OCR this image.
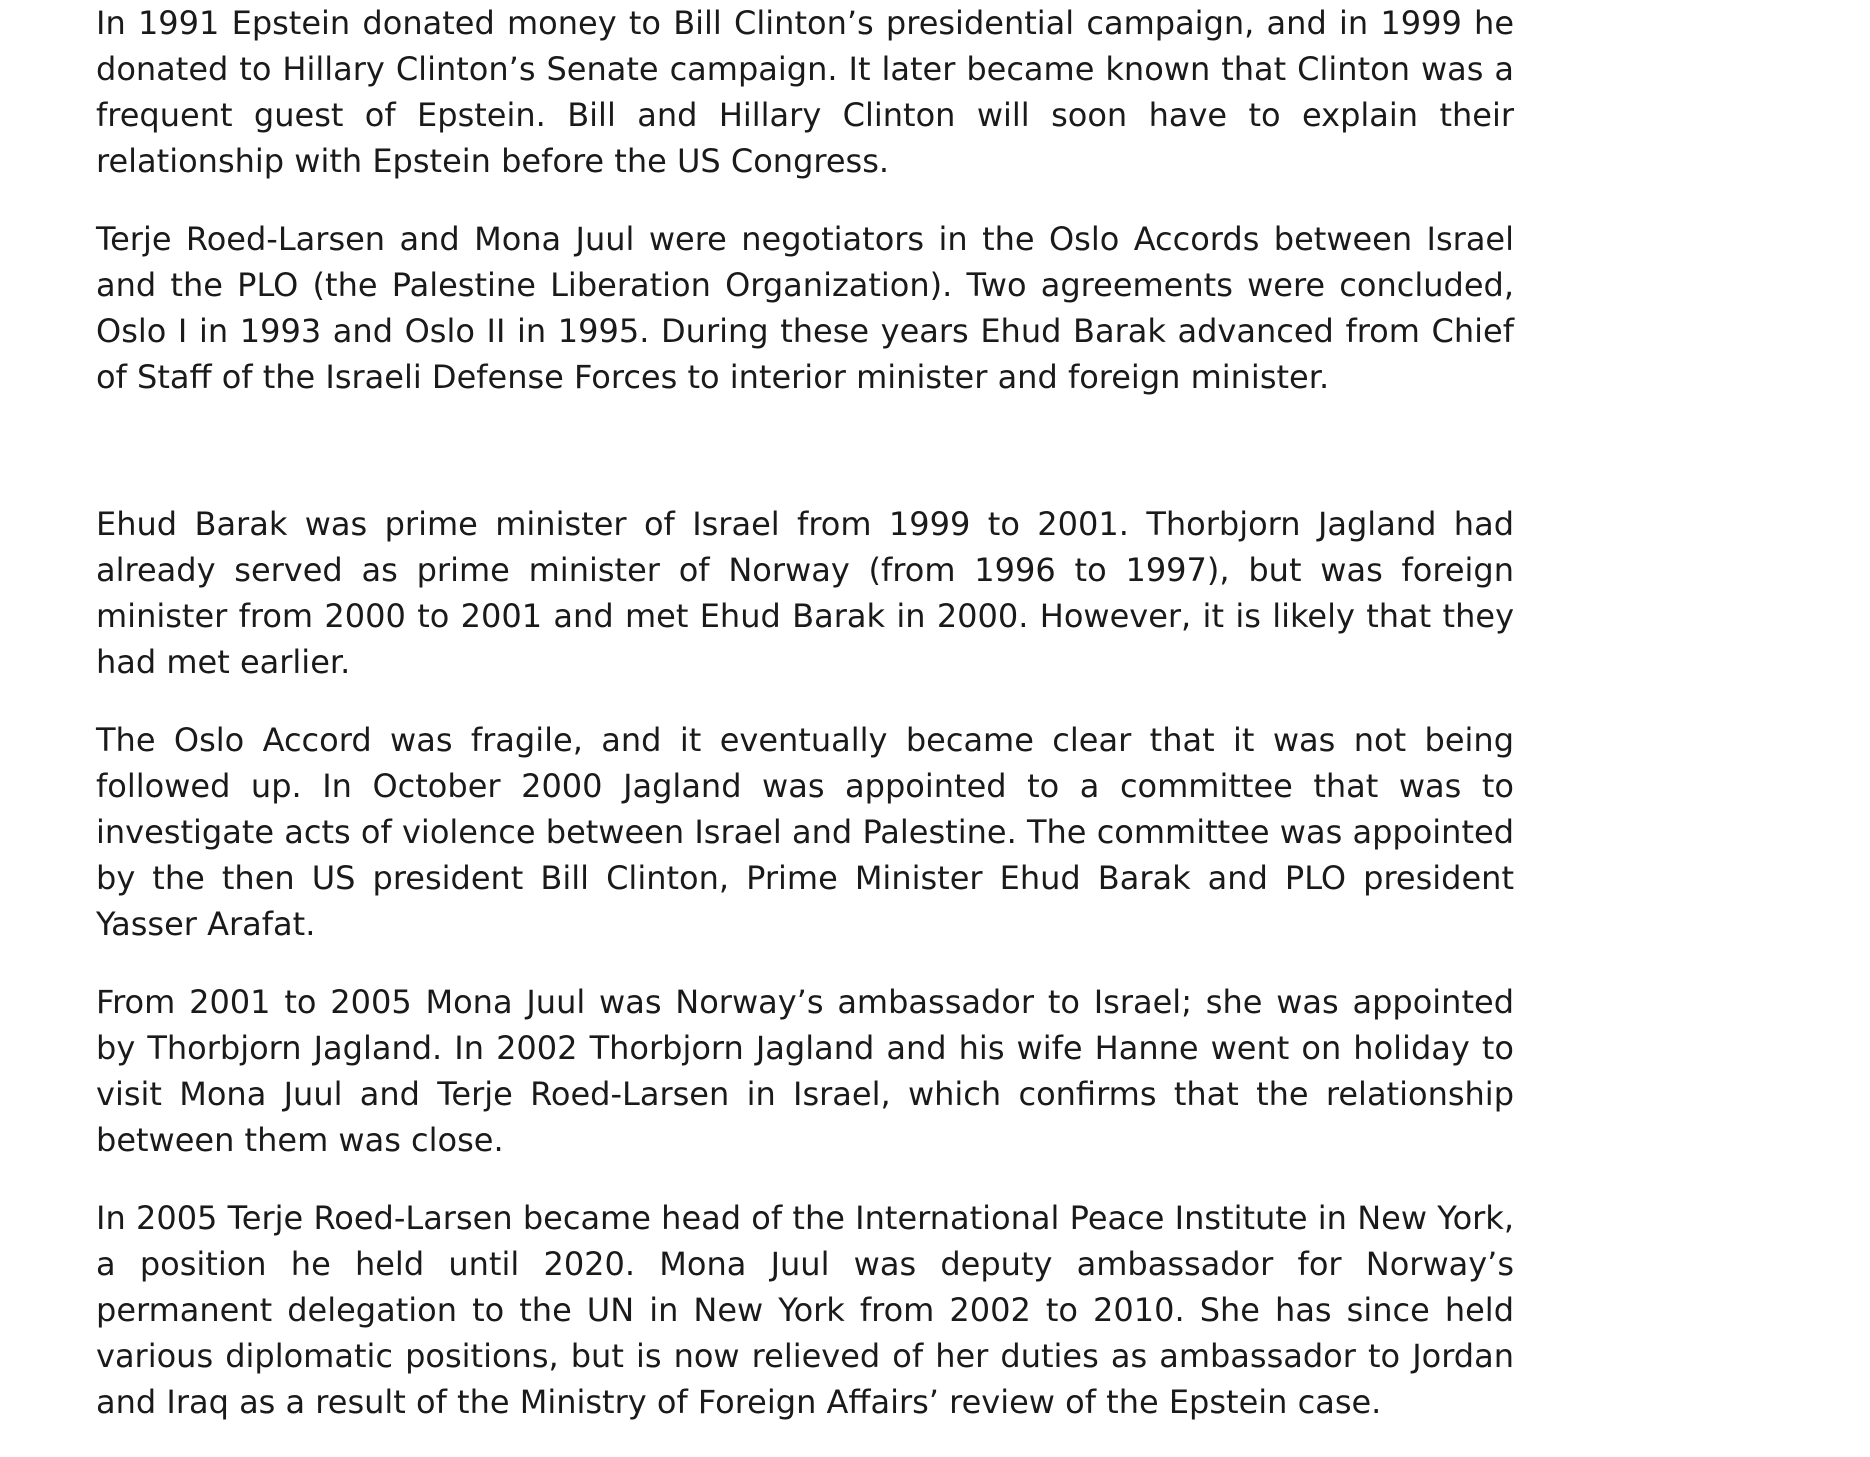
In 1991 Epstein donated money to Bill Clinton’s presidential campaign, and in 1999 he donated to Hillary Clinton’s Senate campaign. It later became known that Clinton was a frequent guest of Epstein. Bill and Hillary Clinton will soon have to explain their relationship with Epstein before the US Congress.

Terje Roed-Larsen and Mona Juul were negotiators in the Oslo Accords between Israel and the PLO (the Palestine Liberation Organization). Two agreements were concluded, Oslo I in 1993 and Oslo II in 1995. During these years Ehud Barak advanced from Chief of Staff of the Israeli Defense Forces to interior minister and foreign minister.

Ehud Barak was prime minister of Israel from 1999 to 2001. Thorbjorn Jagland had already served as prime minister of Norway (from 1996 to 1997), but was foreign minister from 2000 to 2001 and met Ehud Barak in 2000. However, it is likely that they had met earlier.

The Oslo Accord was fragile, and it eventually became clear that it was not being followed up. In October 2000 Jagland was appointed to a committee that was to investigate acts of violence between Israel and Palestine. The committee was appointed by the then US president Bill Clinton, Prime Minister Ehud Barak and PLO president Yasser Arafat.

From 2001 to 2005 Mona Juul was Norway’s ambassador to Israel; she was appointed by Thorbjorn Jagland. In 2002 Thorbjorn Jagland and his wife Hanne went on holiday to visit Mona Juul and Terje Roed-Larsen in Israel, which confirms that the relationship between them was close.

In 2005 Terje Roed-Larsen became head of the International Peace Institute in New York, a position he held until 2020. Mona Juul was deputy ambassador for Norway’s permanent delegation to the UN in New York from 2002 to 2010. She has since held various diplomatic positions, but is now relieved of her duties as ambassador to Jordan and Iraq as a result of the Ministry of Foreign Affairs’ review of the Epstein case.
